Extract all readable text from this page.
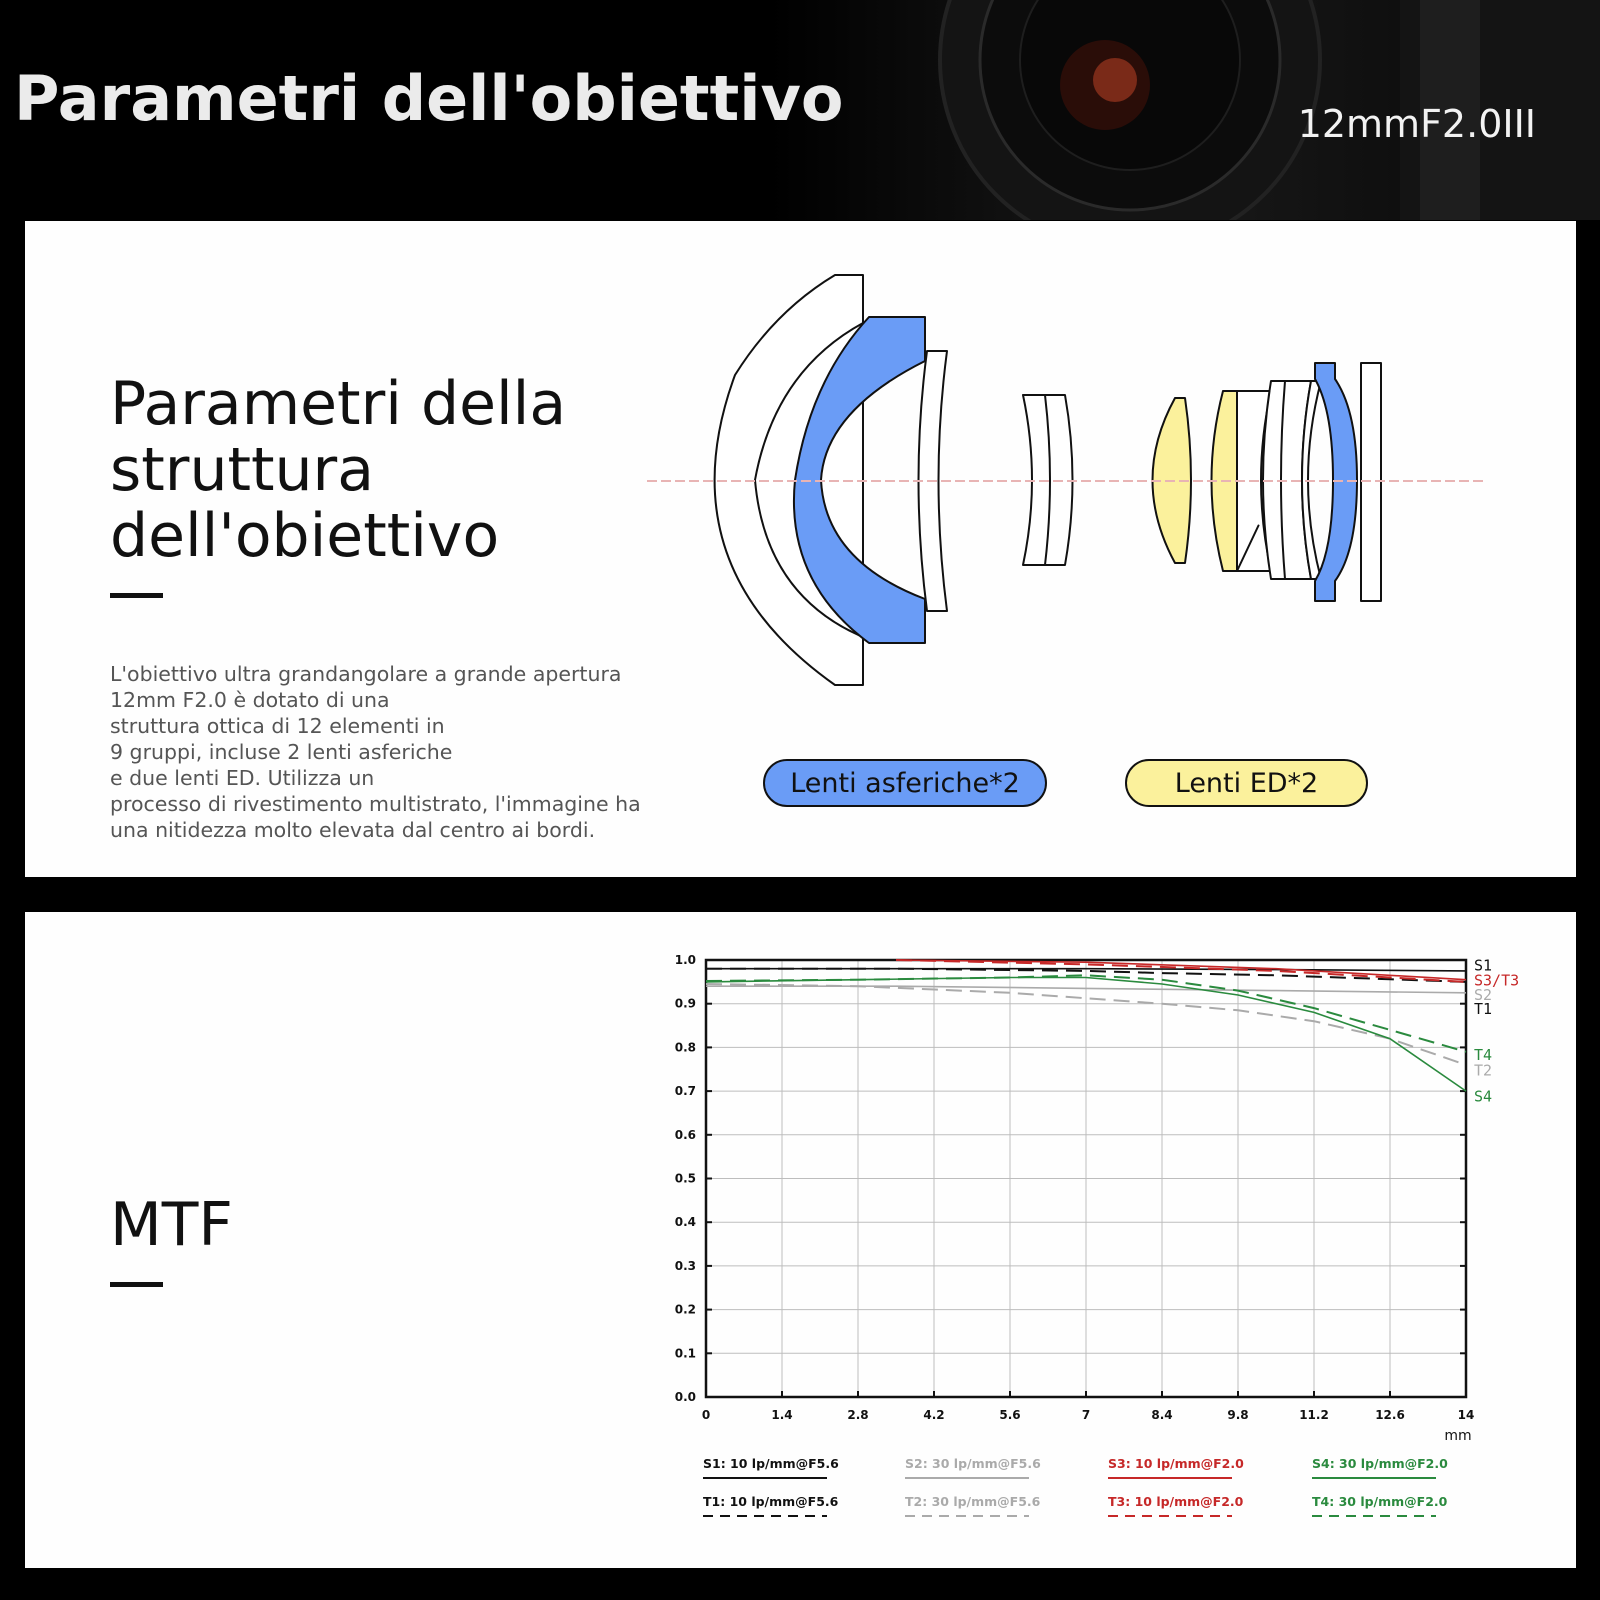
Parametri dell'obiettivo	12mmF2.0III
Parametri della struttura dell'obiettivo

L'obiettivo ultra grandangolare a grande apertura
12mm F2.0 è dotato di una
struttura ottica di 12 elementi in
9 gruppi, incluse 2 lenti asferiche
e due lenti ED. Utilizza un
processo di rivestimento multistrato, l'immagine ha
una nitidezza molto elevata dal centro ai bordi.

Lenti asferiche*2	Lenti ED*2
MTF
0	1.4	2.8	4.2	5.6	7	8.4	9.8	11.2	12.6	14
0.0
0.1
0.2
0.3
0.4
0.5
0.6
0.7
0.8
0.9
1.0
mm
S1
S3/T3
S2
T1
T4
T2
S4
S1: 10 lp/mm@F5.6	S2: 30 lp/mm@F5.6	S3: 10 lp/mm@F2.0	S4: 30 lp/mm@F2.0
T1: 10 lp/mm@F5.6	T2: 30 lp/mm@F5.6	T3: 10 lp/mm@F2.0	T4: 30 lp/mm@F2.0
